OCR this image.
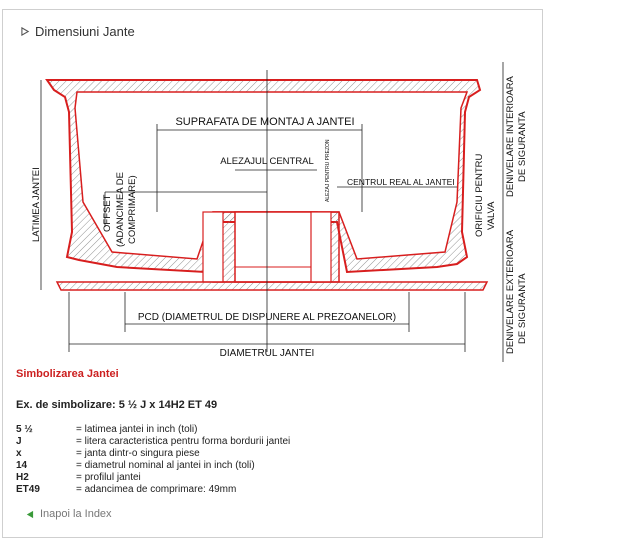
Dimensiuni Jante
SUPRAFATA DE MONTAJ A JANTEI
ALEZAJUL CENTRAL ALEZAJ PENTRU PREZON CENTRUL REAL AL JANTEI
LATIMEA JANTEI	OFFSET (ADANCIMEA DE COMPRIMARE)	ORIFICIU PENTRU VALVA
DENIVELARE INTERIOARA DE SIGURANTA
DENIVELARE EXTERIOARA DE SIGURANTA
PCD (DIAMETRUL DE DISPUNERE AL PREZOANELOR)
DIAMETRUL JANTEI
Simbolizarea Jantei
Ex. de simbolizare: 5 ½ J x 14H2 ET 49
5 ½	= latimea jantei in inch (toli)
J	= litera caracteristica pentru forma bordurii jantei
x	= janta dintr-o singura piese
14	= diametrul nominal al jantei in inch (toli)
H2	= profilul jantei
ET49	= adancimea de comprimare: 49mm
Inapoi la Index
